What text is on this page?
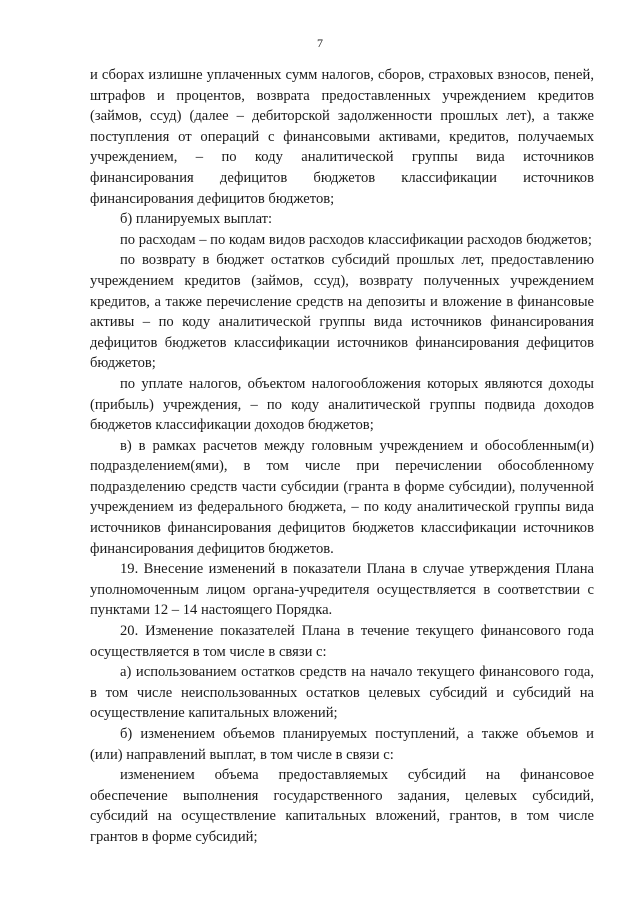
7

и сборах излишне уплаченных сумм налогов, сборов, страховых взносов, пеней, штрафов и процентов, возврата предоставленных учреждением кредитов (займов, ссуд) (далее – дебиторской задолженности прошлых лет), а также поступления от операций с финансовыми активами, кредитов, получаемых учреждением, – по коду аналитической группы вида источников финансирования дефицитов бюджетов классификации источников финансирования дефицитов бюджетов;

б) планируемых выплат:

по расходам – по кодам видов расходов классификации расходов бюджетов;

по возврату в бюджет остатков субсидий прошлых лет, предоставлению учреждением кредитов (займов, ссуд), возврату полученных учреждением кредитов, а также перечисление средств на депозиты и вложение в финансовые активы – по коду аналитической группы вида источников финансирования дефицитов бюджетов классификации источников финансирования дефицитов бюджетов;

по уплате налогов, объектом налогообложения которых являются доходы (прибыль) учреждения, – по коду аналитической группы подвида доходов бюджетов классификации доходов бюджетов;

в) в рамках расчетов между головным учреждением и обособленным(и) подразделением(ями), в том числе при перечислении обособленному подразделению средств части субсидии (гранта в форме субсидии), полученной учреждением из федерального бюджета, – по коду аналитической группы вида источников финансирования дефицитов бюджетов классификации источников финансирования дефицитов бюджетов.

19. Внесение изменений в показатели Плана в случае утверждения Плана уполномоченным лицом органа-учредителя осуществляется в соответствии с пунктами 12 – 14 настоящего Порядка.

20. Изменение показателей Плана в течение текущего финансового года осуществляется в том числе в связи с:

а) использованием остатков средств на начало текущего финансового года, в том числе неиспользованных остатков целевых субсидий и субсидий на осуществление капитальных вложений;

б) изменением объемов планируемых поступлений, а также объемов и (или) направлений выплат, в том числе в связи с:

изменением объема предоставляемых субсидий на финансовое обеспечение выполнения государственного задания, целевых субсидий, субсидий на осуществление капитальных вложений, грантов, в том числе грантов в форме субсидий;
